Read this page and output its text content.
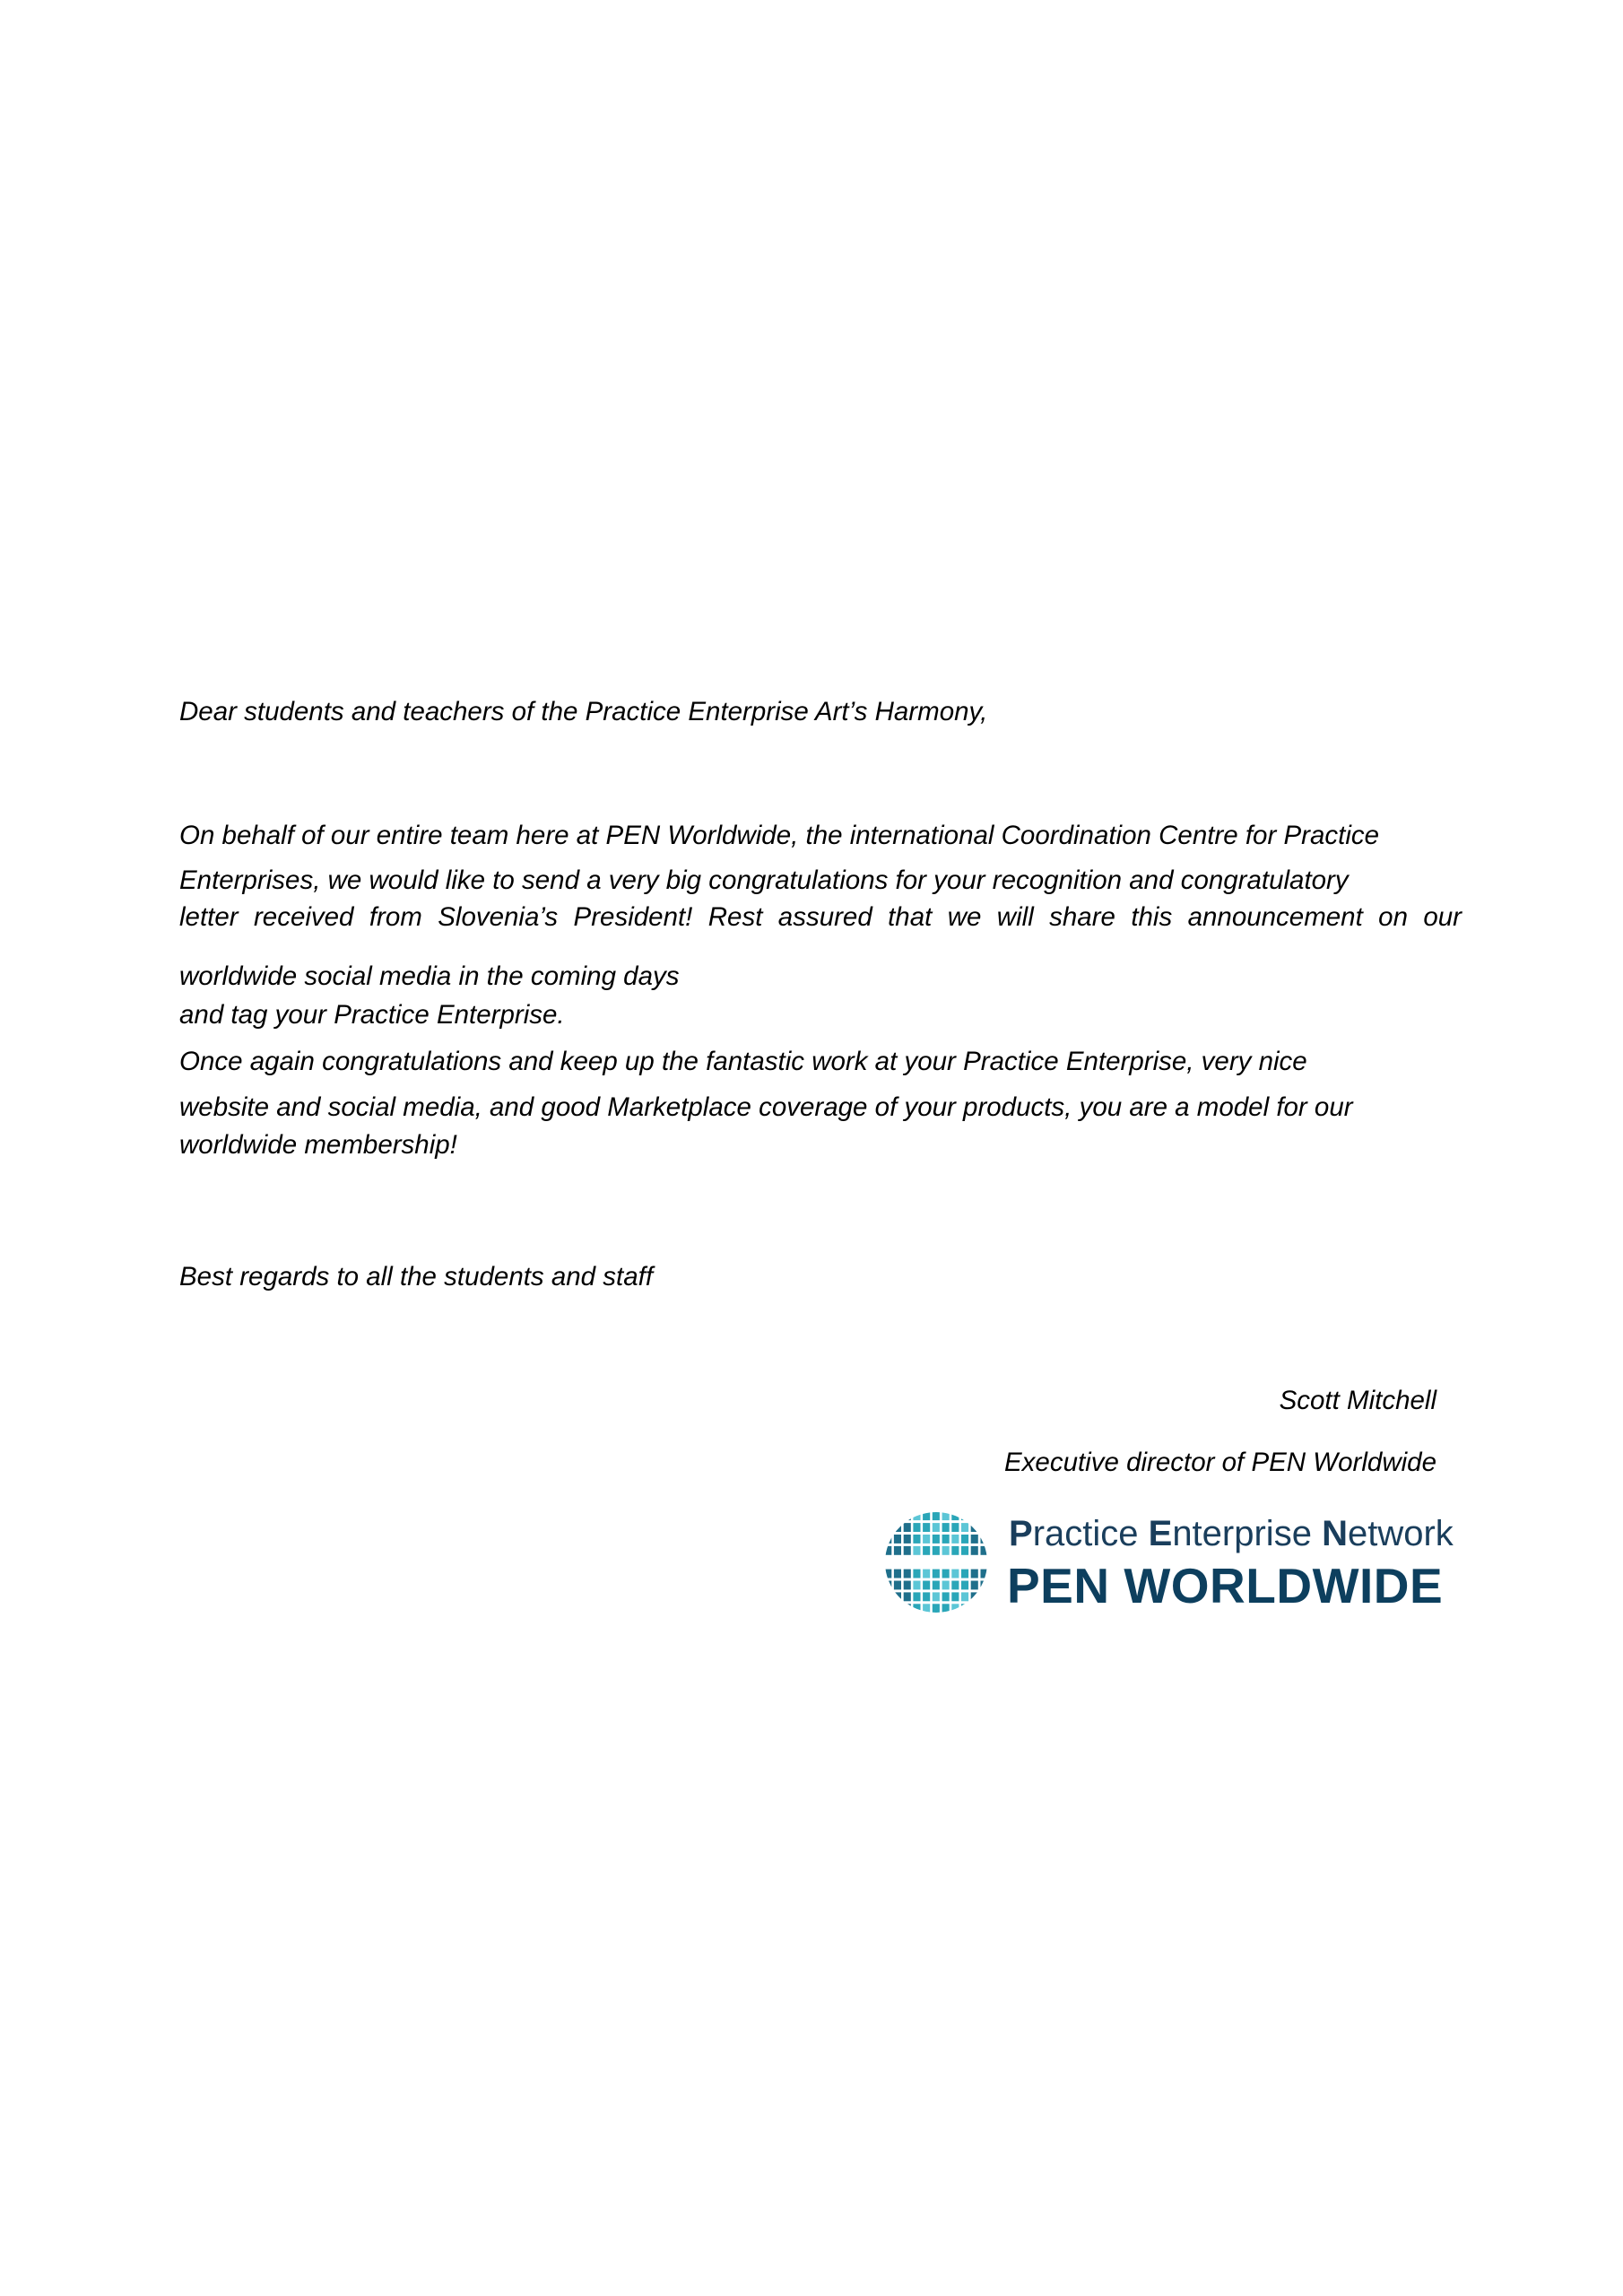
Dear students and teachers of the Practice Enterprise Art’s Harmony,
On behalf of our entire team here at PEN Worldwide, the international Coordination Centre for Practice
Enterprises, we would like to send a very big congratulations for your recognition and congratulatory
letter received from Slovenia’s President! Rest assured that we will share this announcement on our
worldwide social media in the coming days
and tag your Practice Enterprise.
Once again congratulations and keep up the fantastic work at your Practice Enterprise, very nice
website and social media, and good Marketplace coverage of your products, you are a model for our
worldwide membership!
Best regards to all the students and staff
Scott Mitchell
Executive director of PEN Worldwide
Practice Enterprise Network
PEN WORLDWIDE
